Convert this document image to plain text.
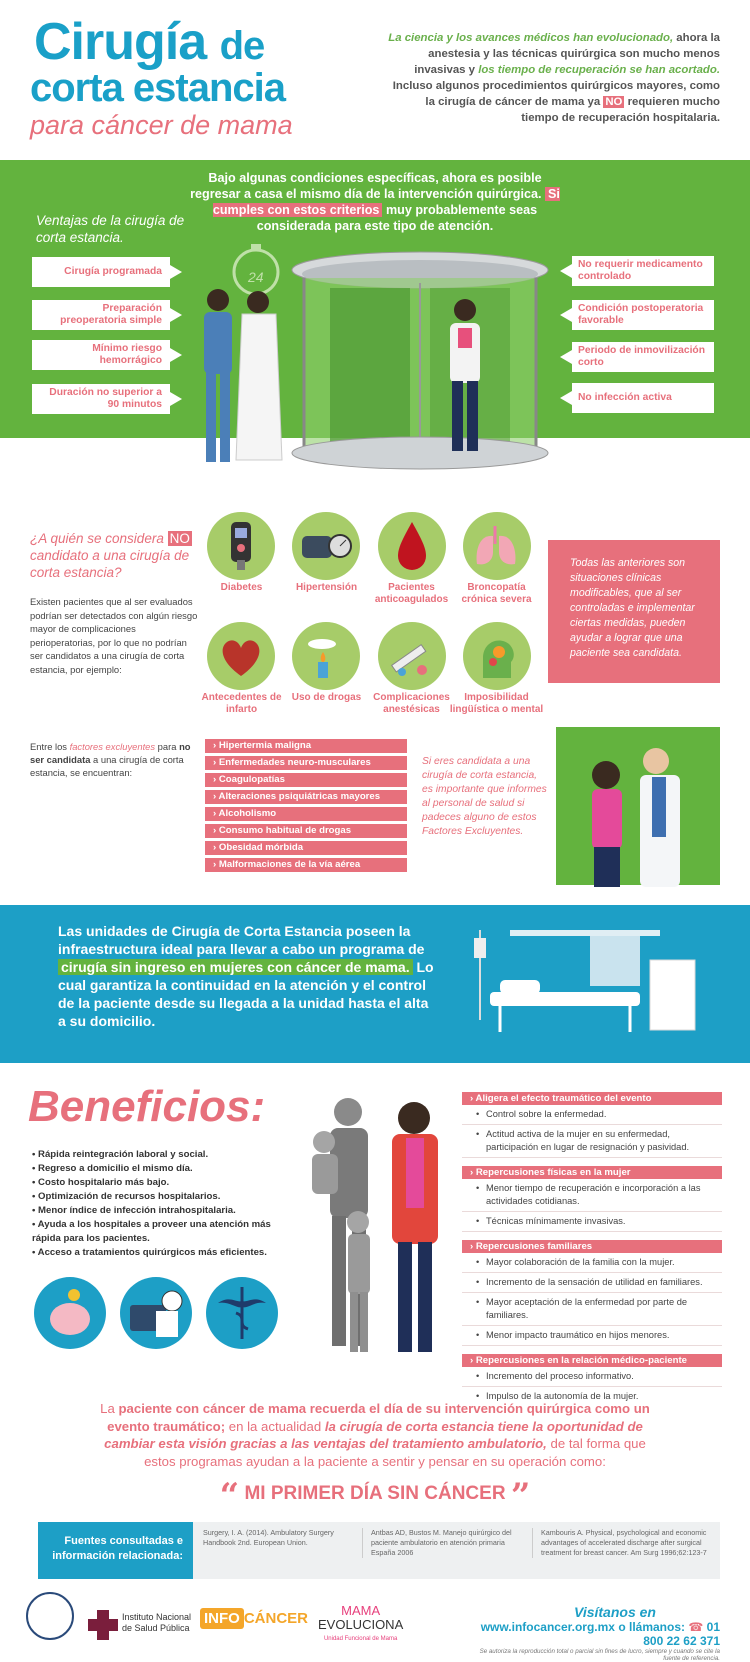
Cirugía de
corta estancia
para cáncer de mama
La ciencia y los avances médicos han evolucionado, ahora la anestesia y las técnicas quirúrgica son mucho menos invasivas y los tiempo de recuperación se han acortado. Incluso algunos procedimientos quirúrgicos mayores, como la cirugía de cáncer de mama ya NO requieren mucho tiempo de recuperación hospitalaria.
Bajo algunas condiciones específicas, ahora es posible regresar a casa el mismo día de la intervención quirúrgica. Si cumples con estos criterios muy probablemente seas considerada para este tipo de atención.
Ventajas de la cirugía de corta estancia.
Cirugía programada
Preparación preoperatoria simple
Mínimo riesgo hemorrágico
Duración no superior a 90 minutos
No requerir medicamento controlado
Condición postoperatoria favorable
Periodo de inmovilización corto
No infección activa
24
¿A quién se considera NO candidato a una cirugía de corta estancia?
Existen pacientes que al ser evaluados podrían ser detectados con algún riesgo mayor de complicaciones perioperatorias, por lo que no podrían ser candidatos a una cirugía de corta estancia, por ejemplo:
Diabetes	Hipertensión	Pacientes anticoagulados
Broncopatía crónica severa
Antecedentes de infarto
Uso de drogas	Complicaciones anestésicas
Imposibilidad lingüística o mental
Todas las anteriores son situaciones clínicas modificables, que al ser controladas e implementar ciertas medidas, pueden ayudar a lograr que una paciente sea candidata.
Entre los factores excluyentes para no ser candidata a una cirugía de corta estancia, se encuentran:
› Hipertermia maligna
› Enfermedades neuro-musculares
› Coagulopatías
› Alteraciones psiquiátricas mayores
› Alcoholismo
› Consumo habitual de drogas
› Obesidad mórbida
› Malformaciones de la vía aérea
Si eres candidata a una cirugía de corta estancia, es importante que informes al personal de salud si padeces alguno de estos Factores Excluyentes.
Las unidades de Cirugía de Corta Estancia poseen la infraestructura ideal para llevar a cabo un programa de cirugía sin ingreso en mujeres con cáncer de mama. Lo cual garantiza la continuidad en la atención y el control de la paciente desde su llegada a la unidad hasta el alta a su domicilio.
Beneficios:
• Rápida reintegración laboral y social.
• Regreso a domicilio el mismo día.
• Costo hospitalario más bajo.
• Optimización de recursos hospitalarios.
• Menor índice de infección intrahospitalaria.
• Ayuda a los hospitales a proveer una atención más rápida para los pacientes.
• Acceso a tratamientos quirúrgicos más eficientes.
› Aligera el efecto traumático del evento
• Control sobre la enfermedad.
• Actitud activa de la mujer en su enfermedad, participación en lugar de resignación y pasividad.
› Repercusiones físicas en la mujer
• Menor tiempo de recuperación e incorporación a las actividades cotidianas.
• Técnicas mínimamente invasivas.
› Repercusiones familiares
• Mayor colaboración de la familia con la mujer.
• Incremento de la sensación de utilidad en familiares.
• Mayor aceptación de la enfermedad por parte de familiares.
• Menor impacto traumático en hijos menores.
› Repercusiones en la relación médico-paciente
• Incremento del proceso informativo.
• Impulso de la autonomía de la mujer.
La paciente con cáncer de mama recuerda el día de su intervención quirúrgica como un evento traumático; en la actualidad la cirugía de corta estancia tiene la oportunidad de cambiar esta visión gracias a las ventajas del tratamiento ambulatorio, de tal forma que estos programas ayudan a la paciente a sentir y pensar en su operación como:
“ MI PRIMER DÍA SIN CÁNCER ”
Fuentes consultadas e información relacionada:
Surgery, I. A. (2014). Ambulatory Surgery Handbook 2nd. European Union.
Antbas AD, Bustos M. Manejo quirúrgico del paciente ambulatorio en atención primaria España 2006
Kambouris A. Physical, psychological and economic advantages of accelerated discharge after surgical treatment for breast cancer. Am Surg 1996;62:123-7
Instituto Nacional
de Salud Pública
INFO CÁNCER	MAMA
EVOLUCIONA
Unidad Funcional de Mama
Visítanos en
www.infocancer.org.mx o llámanos: ☎ 01 800 22 62 371
Se autoriza la reproducción total o parcial sin fines de lucro, siempre y cuando se cite la fuente de referencia.
